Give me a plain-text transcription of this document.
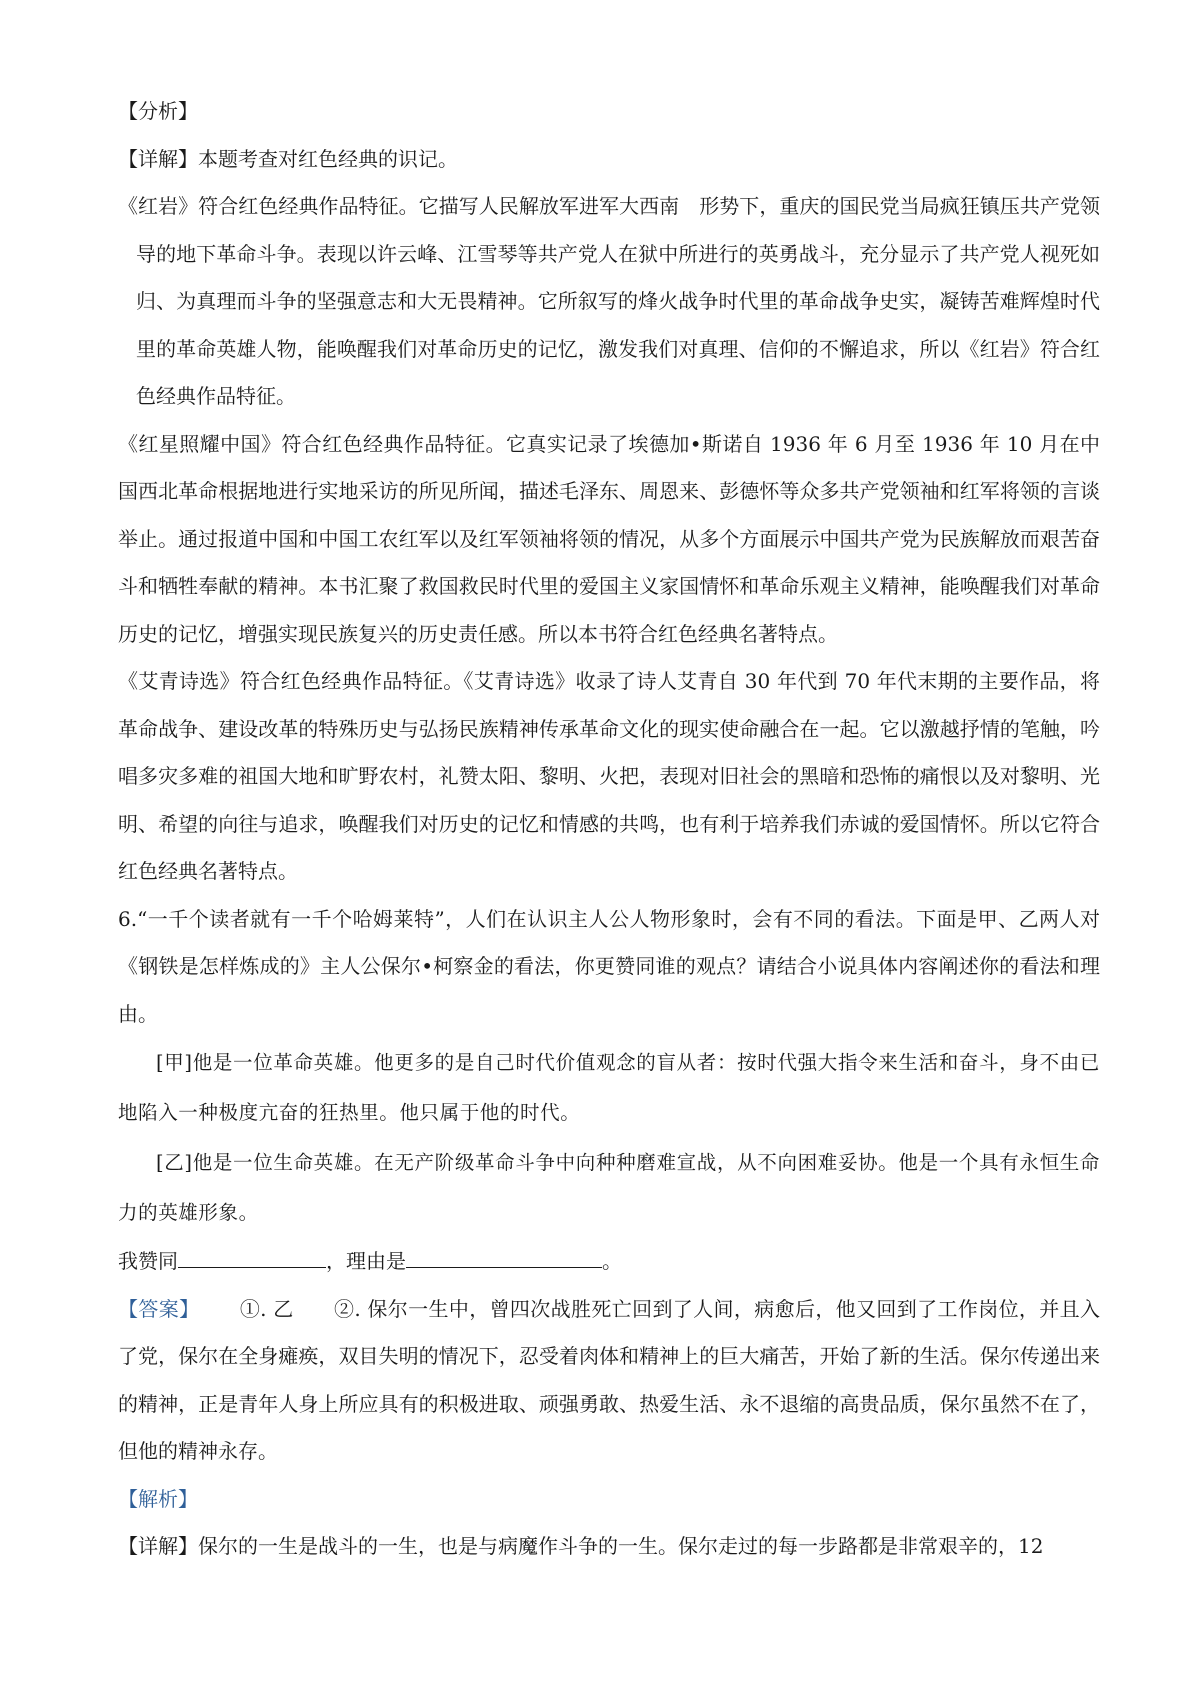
【分析】

【详解】本题考查对红色经典的识记。

《红岩》符合红色经典作品特征。它描写人民解放军进军大西南　形势下，重庆的国民党当局疯狂镇压共产党领导的地下革命斗争。表现以许云峰、江雪琴等共产党人在狱中所进行的英勇战斗，充分显示了共产党人视死如归、为真理而斗争的坚强意志和大无畏精神。它所叙写的烽火战争时代里的革命战争史实，凝铸苦难辉煌时代里的革命英雄人物，能唤醒我们对革命历史的记忆，激发我们对真理、信仰的不懈追求，所以《红岩》符合红色经典作品特征。

《红星照耀中国》符合红色经典作品特征。它真实记录了埃德加•斯诺自 1936 年 6 月至 1936 年 10 月在中国西北革命根据地进行实地采访的所见所闻，描述毛泽东、周恩来、彭德怀等众多共产党领袖和红军将领的言谈举止。通过报道中国和中国工农红军以及红军领袖将领的情况，从多个方面展示中国共产党为民族解放而艰苦奋斗和牺牲奉献的精神。本书汇聚了救国救民时代里的爱国主义家国情怀和革命乐观主义精神，能唤醒我们对革命历史的记忆，增强实现民族复兴的历史责任感。所以本书符合红色经典名著特点。

《艾青诗选》符合红色经典作品特征。《艾青诗选》收录了诗人艾青自 30 年代到 70 年代末期的主要作品，将革命战争、建设改革的特殊历史与弘扬民族精神传承革命文化的现实使命融合在一起。它以激越抒情的笔触，吟唱多灾多难的祖国大地和旷野农村，礼赞太阳、黎明、火把，表现对旧社会的黑暗和恐怖的痛恨以及对黎明、光明、希望的向往与追求，唤醒我们对历史的记忆和情感的共鸣，也有利于培养我们赤诚的爱国情怀。所以它符合红色经典名著特点。

6.“一千个读者就有一千个哈姆莱特”，人们在认识主人公人物形象时，会有不同的看法。下面是甲、乙两人对《钢铁是怎样炼成的》主人公保尔•柯察金的看法，你更赞同谁的观点？请结合小说具体内容阐述你的看法和理由。

[甲]他是一位革命英雄。他更多的是自己时代价值观念的盲从者：按时代强大指令来生活和奋斗，身不由已地陷入一种极度亢奋的狂热里。他只属于他的时代。

[乙]他是一位生命英雄。在无产阶级革命斗争中向种种磨难宣战，从不向困难妥协。他是一个具有永恒生命力的英雄形象。

我赞同	，理由是	。

【答案】 ①. 乙 ②. 保尔一生中，曾四次战胜死亡回到了人间，病愈后，他又回到了工作岗位，并且入了党，保尔在全身瘫痪，双目失明的情况下，忍受着肉体和精神上的巨大痛苦，开始了新的生活。保尔传递出来的精神，正是青年人身上所应具有的积极进取、顽强勇敢、热爱生活、永不退缩的高贵品质，保尔虽然不在了，但他的精神永存。

【解析】

【详解】保尔的一生是战斗的一生，也是与病魔作斗争的一生。保尔走过的每一步路都是非常艰辛的，12
